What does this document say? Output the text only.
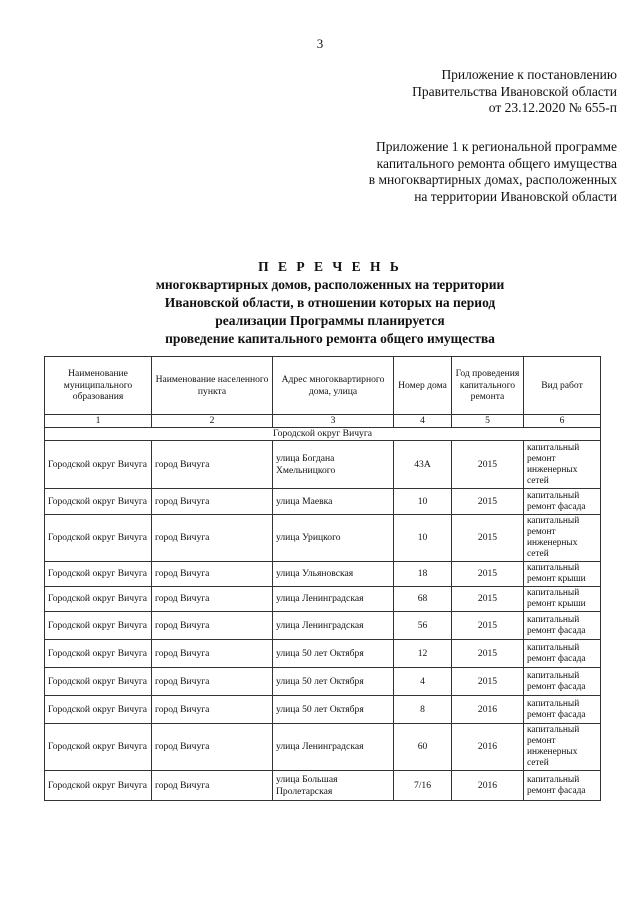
3
Приложение к постановлению
Правительства Ивановской области
от 23.12.2020 № 655-п
Приложение 1 к региональной программе
капитального ремонта общего имущества
в многоквартирных домах, расположенных
на территории Ивановской области
П Е Р Е Ч Е Н Ь
многоквартирных домов, расположенных на территории
Ивановской области, в отношении которых на период
реализации Программы планируется
проведение капитального ремонта общего имущества
Наименование муниципального образования	Наименование населенного пункта	Адрес многоквартирного дома, улица	Номер дома	Год проведения капитального ремонта	Вид работ
1	2	3	4	5	6
Городской округ Вичуга					
Городской округ Вичуга	город Вичуга	улица Богдана Хмельницкого	43А	2015	капитальный ремонт инженерных сетей
Городской округ Вичуга	город Вичуга	улица Маевка	10	2015	капитальный ремонт фасада
Городской округ Вичуга	город Вичуга	улица Урицкого	10	2015	капитальный ремонт инженерных сетей
Городской округ Вичуга	город Вичуга	улица Ульяновская	18	2015	капитальный ремонт крыши
Городской округ Вичуга	город Вичуга	улица Ленинградская	68	2015	капитальный ремонт крыши
Городской округ Вичуга	город Вичуга	улица Ленинградская	56	2015	капитальный ремонт фасада
Городской округ Вичуга	город Вичуга	улица 50 лет Октября	12	2015	капитальный ремонт фасада
Городской округ Вичуга	город Вичуга	улица 50 лет Октября	4	2015	капитальный ремонт фасада
Городской округ Вичуга	город Вичуга	улица 50 лет Октября	8	2016	капитальный ремонт фасада
Городской округ Вичуга	город Вичуга	улица Ленинградская	60	2016	капитальный ремонт инженерных сетей
Городской округ Вичуга	город Вичуга	улица Большая Пролетарская	7/16	2016	капитальный ремонт фасада
